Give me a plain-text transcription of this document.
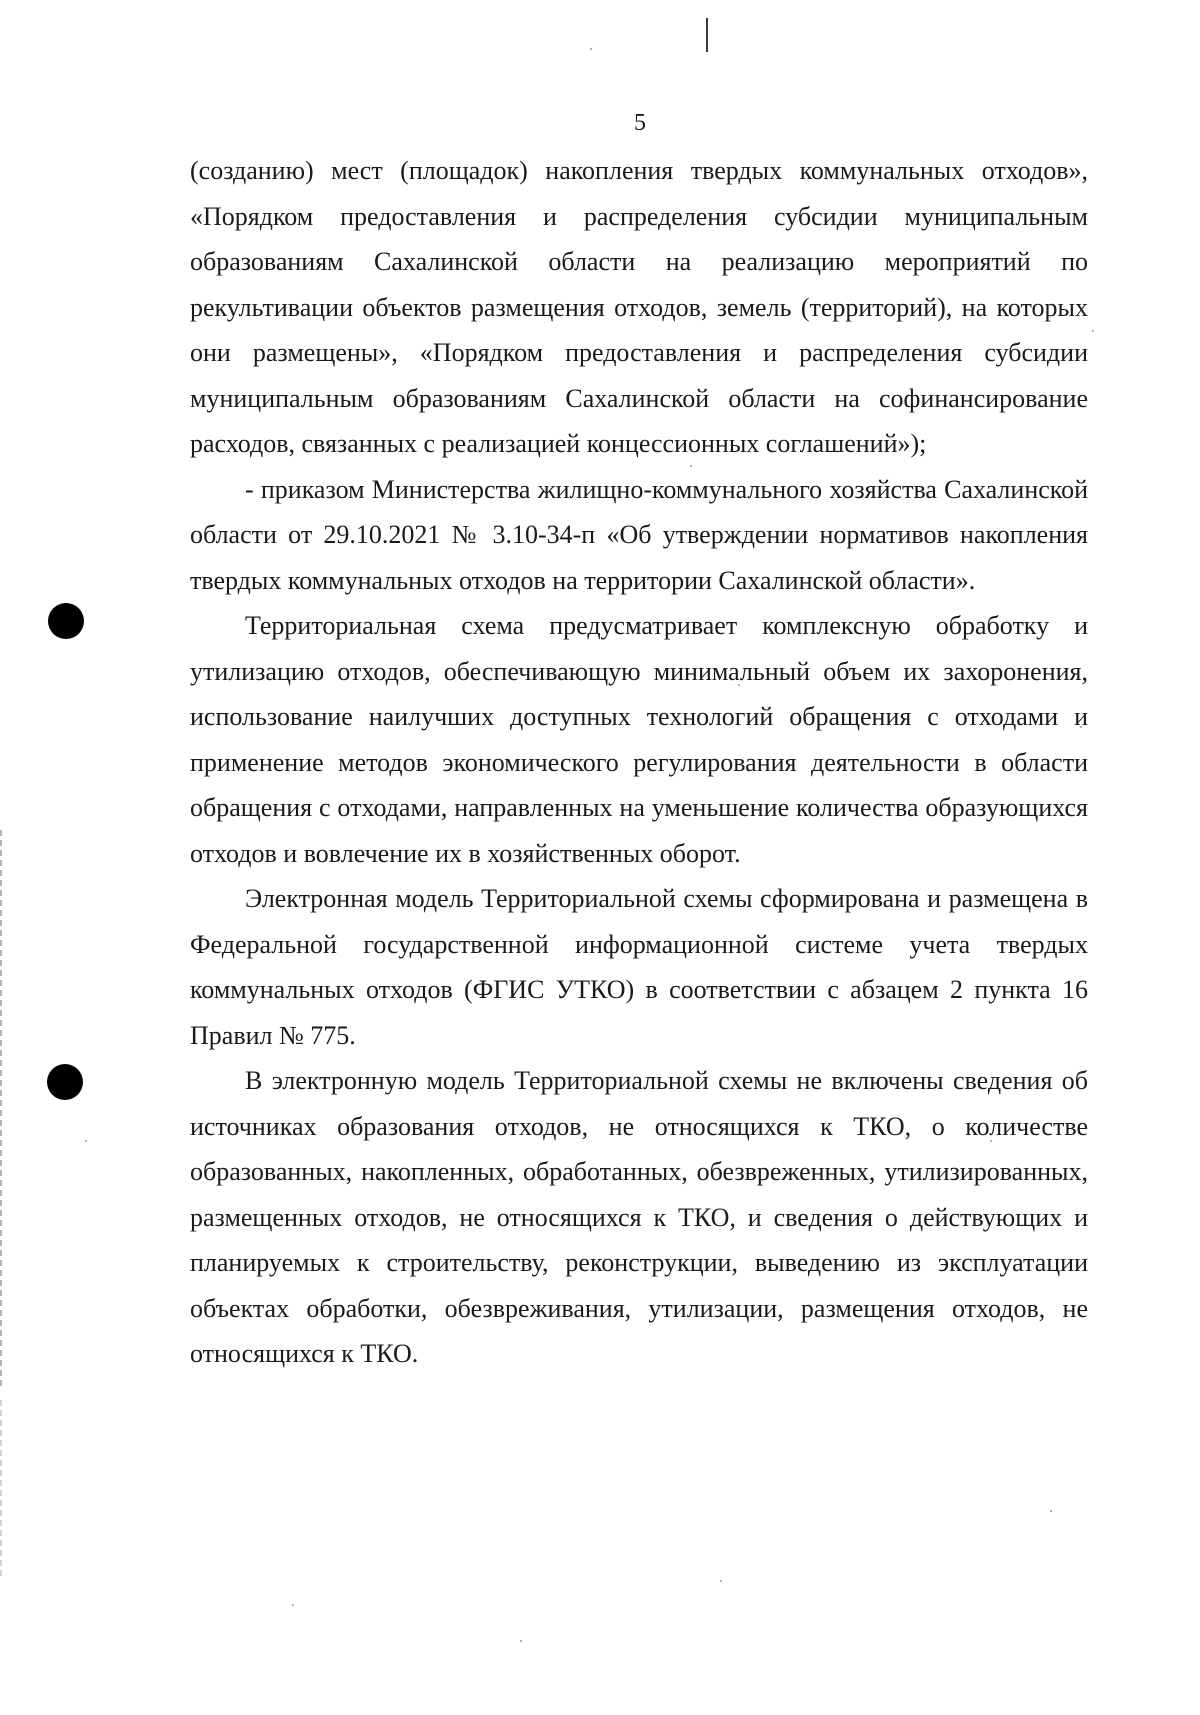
5

(созданию) мест (площадок) накопления твердых коммунальных отходов», «Порядком предоставления и распределения субсидии муниципальным образованиям Сахалинской области на реализацию мероприятий по рекультивации объектов размещения отходов, земель (территорий), на которых они размещены», «Порядком предоставления и распределения субсидии муниципальным образованиям Сахалинской области на софинансирование расходов, связанных с реализацией концессионных соглашений»);

- приказом Министерства жилищно-коммунального хозяйства Сахалинской области от 29.10.2021 № 3.10-34-п «Об утверждении нормативов накопления твердых коммунальных отходов на территории Сахалинской области».

Территориальная схема предусматривает комплексную обработку и утилизацию отходов, обеспечивающую минимальный объем их захоронения, использование наилучших доступных технологий обращения с отходами и применение методов экономического регулирования деятельности в области обращения с отходами, направленных на уменьшение количества образующихся отходов и вовлечение их в хозяйственных оборот.

Электронная модель Территориальной схемы сформирована и размещена в Федеральной государственной информационной системе учета твердых коммунальных отходов (ФГИС УТКО) в соответствии с абзацем 2 пункта 16 Правил № 775.

В электронную модель Территориальной схемы не включены сведения об источниках образования отходов, не относящихся к ТКО, о количестве образованных, накопленных, обработанных, обезвреженных, утилизированных, размещенных отходов, не относящихся к ТКО, и сведения о действующих и планируемых к строительству, реконструкции, выведению из эксплуатации объектах обработки, обезвреживания, утилизации, размещения отходов, не относящихся к ТКО.
